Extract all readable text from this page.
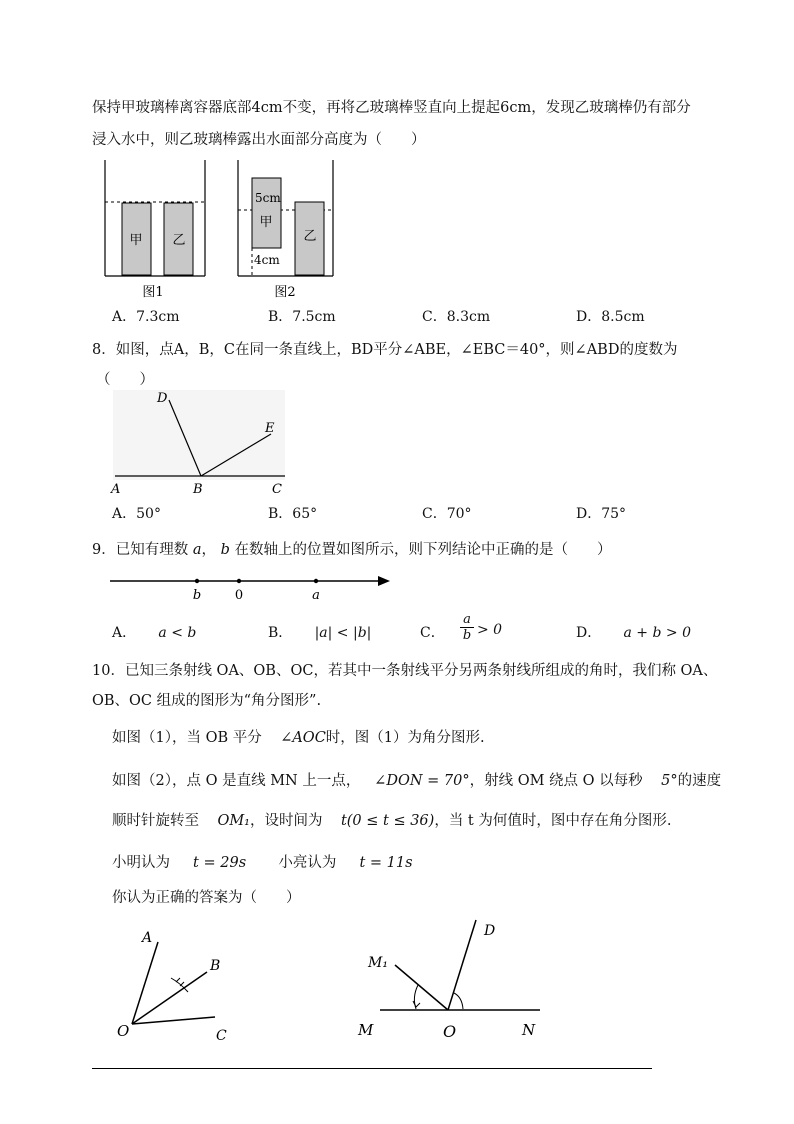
保持甲玻璃棒离容器底部4cm不变，再将乙玻璃棒竖直向上提起6cm，发现乙玻璃棒仍有部分
浸入水中，则乙玻璃棒露出水面部分高度为（　　）
甲 乙
图1
5cm
甲
乙
4cm
图2
A．7.3cm	B．7.5cm	C．8.3cm	D．8.5cm
8．如图，点A，B，C在同一条直线上，BD平分∠ABE，∠EBC＝40°，则∠ABD的度数为
（　　）
D
E
A	B	C
A．50°	B．65°	C．70°	D．75°
9．已知有理数 a， b 在数轴上的位置如图所示，则下列结论中正确的是（　　）
b	0	a
A． a < b	B． |a| < |b|	C．
a
b > 0	D． a + b > 0
10．已知三条射线 OA、OB、OC，若其中一条射线平分另两条射线所组成的角时，我们称 OA、
OB、OC 组成的图形为“角分图形”.
如图（1），当 OB 平分    ∠AOC时，图（1）为角分图形.
如图（2），点 O 是直线 MN 上一点， ∠DON = 70°，射线 OM 绕点 O 以每秒    5°的速度
顺时针旋转至    OM₁，设时间为    t(0 ≤ t ≤ 36)，当 t 为何值时，图中存在角分图形.
小明认为 t = 29s 小亮认为 t = 11s
你认为正确的答案为（　　）
A
B
O	C
D
M₁
M	O	N
